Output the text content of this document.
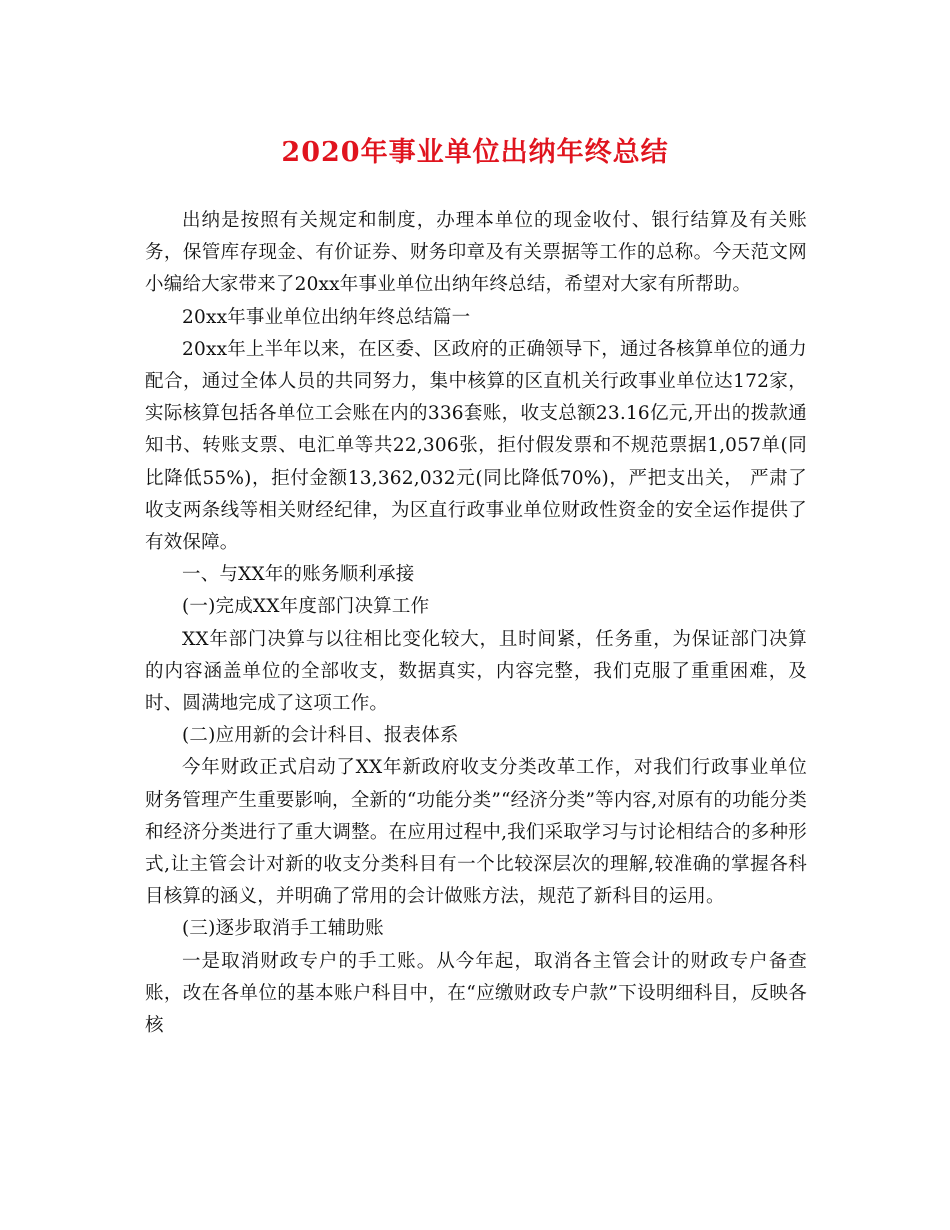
2020年事业单位出纳年终总结

出纳是按照有关规定和制度，办理本单位的现金收付、银行结算及有关账务，保管库存现金、有价证券、财务印章及有关票据等工作的总称。今天范文网小编给大家带来了20xx年事业单位出纳年终总结，希望对大家有所帮助。

20xx年事业单位出纳年终总结篇一

20xx年上半年以来，在区委、区政府的正确领导下，通过各核算单位的通力配合，通过全体人员的共同努力，集中核算的区直机关行政事业单位达172家，实际核算包括各单位工会账在内的336套账，收支总额23.16亿元,开出的拨款通知书、转账支票、电汇单等共22,306张，拒付假发票和不规范票据1,057单(同比降低55%)，拒付金额13,362,032元(同比降低70%)，严把支出关， 严肃了收支两条线等相关财经纪律，为区直行政事业单位财政性资金的安全运作提供了有效保障。

一、与XX年的账务顺利承接

(一)完成XX年度部门决算工作

XX年部门决算与以往相比变化较大，且时间紧，任务重，为保证部门决算的内容涵盖单位的全部收支，数据真实，内容完整，我们克服了重重困难，及时、圆满地完成了这项工作。

(二)应用新的会计科目、报表体系

今年财政正式启动了XX年新政府收支分类改革工作，对我们行政事业单位财务管理产生重要影响，全新的“功能分类”“经济分类”等内容,对原有的功能分类和经济分类进行了重大调整。在应用过程中,我们采取学习与讨论相结合的多种形式,让主管会计对新的收支分类科目有一个比较深层次的理解,较准确的掌握各科目核算的涵义，并明确了常用的会计做账方法，规范了新科目的运用。

(三)逐步取消手工辅助账

一是取消财政专户的手工账。从今年起，取消各主管会计的财政专户备查账，改在各单位的基本账户科目中，在“应缴财政专户款”下设明细科目，反映各核
